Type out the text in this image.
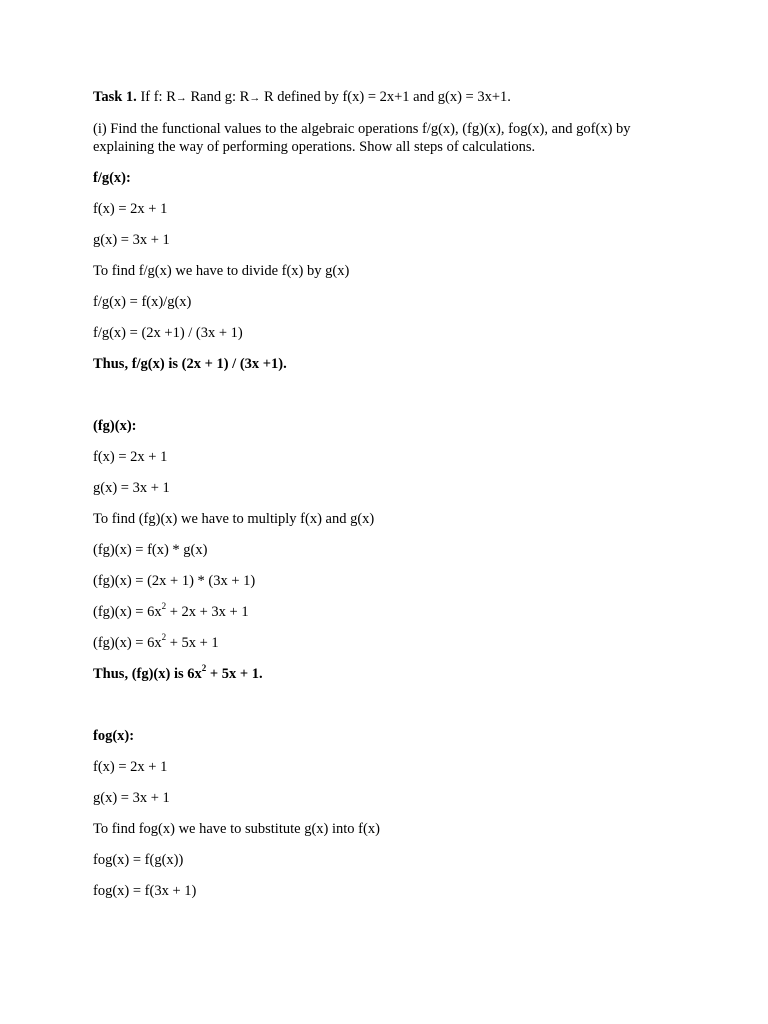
Task 1. If f: R→ Rand g: R→ R defined by f(x) = 2x+1 and g(x) = 3x+1.

(i) Find the functional values to the algebraic operations f/g(x), (fg)(x), fog(x), and gof(x) by explaining the way of performing operations. Show all steps of calculations.

f/g(x):

f(x) = 2x + 1

g(x) = 3x + 1

To find f/g(x) we have to divide f(x) by g(x)

f/g(x) = f(x)/g(x)

f/g(x) = (2x +1) / (3x + 1)

Thus, f/g(x) is (2x + 1) / (3x +1).

(fg)(x):

f(x) = 2x + 1

g(x) = 3x + 1

To find (fg)(x) we have to multiply f(x) and g(x)

(fg)(x) = f(x) * g(x)

(fg)(x) = (2x + 1) * (3x + 1)

$(fg)(x) = 6x^2 + 2x + 3x + 1$

$(fg)(x) = 6x^2 + 5x + 1$

Thus, (fg)(x) is $6x^2 + 5x + 1$.

fog(x):

f(x) = 2x + 1

g(x) = 3x + 1

To find fog(x) we have to substitute g(x) into f(x)

fog(x) = f(g(x))

fog(x) = f(3x + 1)
